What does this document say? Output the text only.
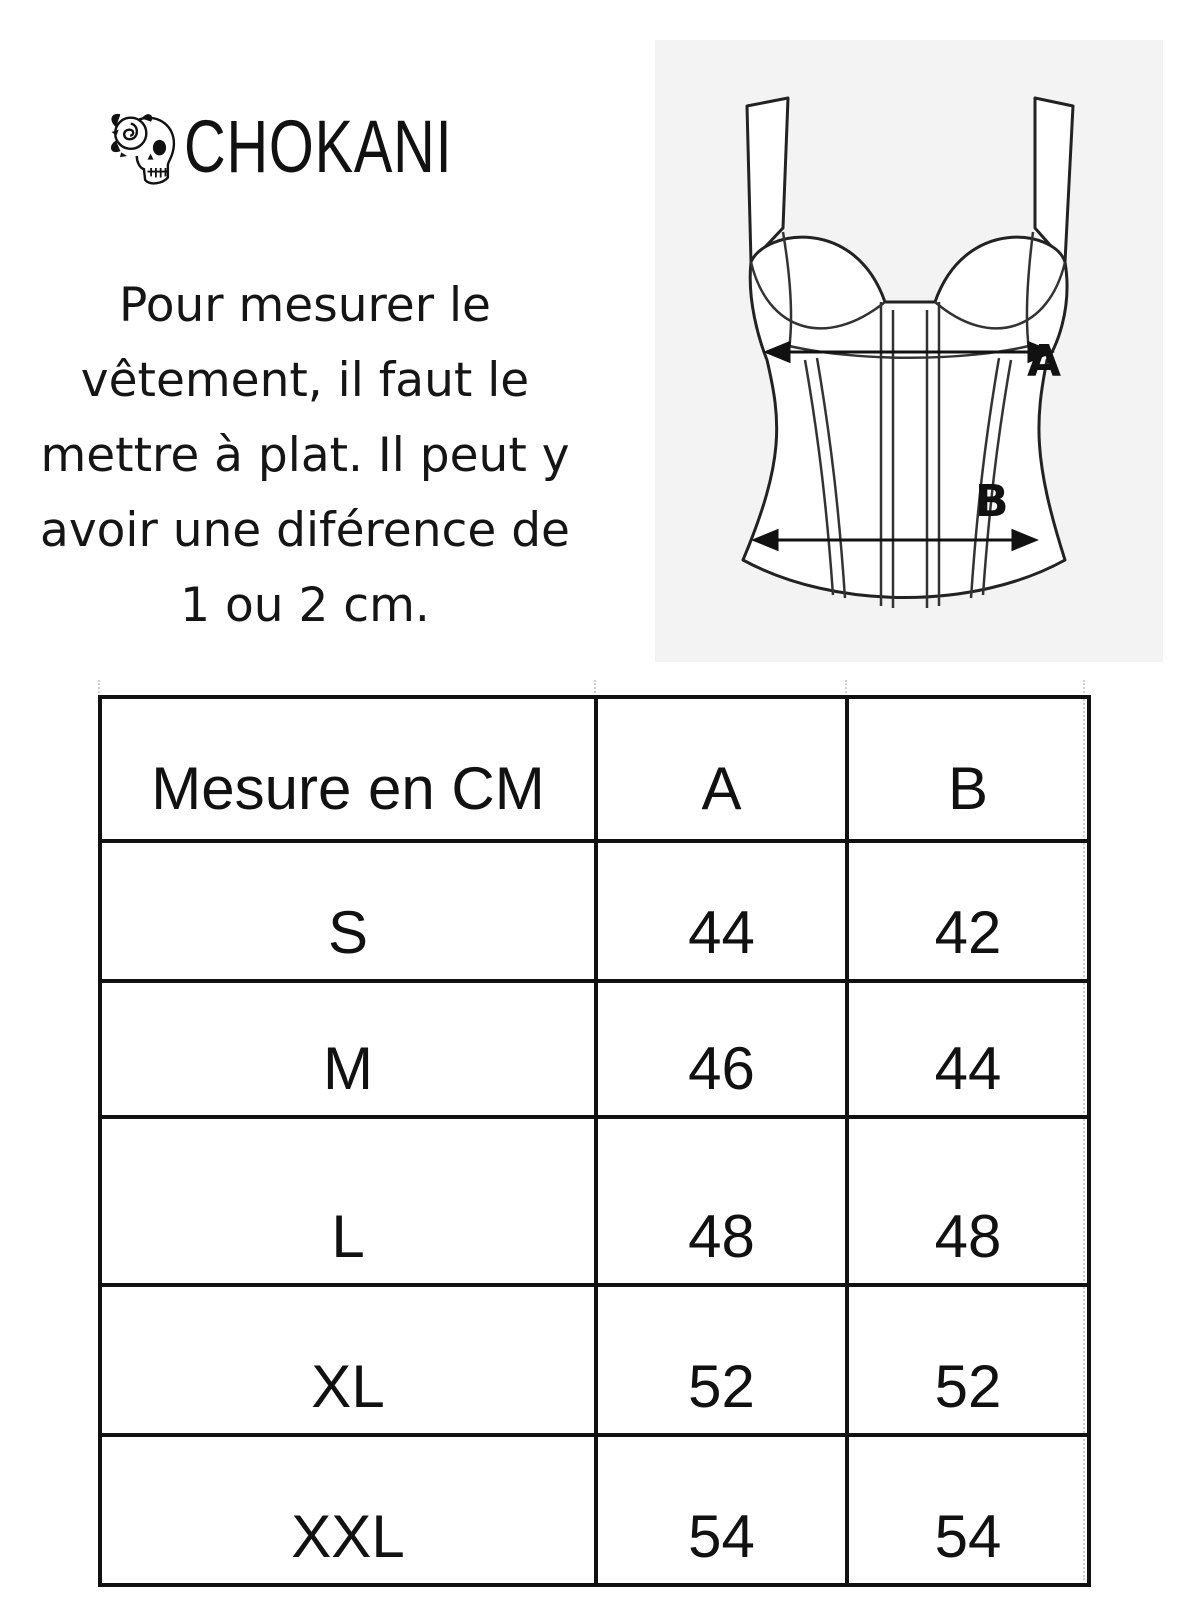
CHOKANI

Pour mesurer le
vêtement, il faut le
mettre à plat. Il peut y
avoir une diférence de
1 ou 2 cm.

A
B
Mesure en CM	A	B
S	44	42
M	46	44
L	48	48
XL	52	52
XXL	54	54
